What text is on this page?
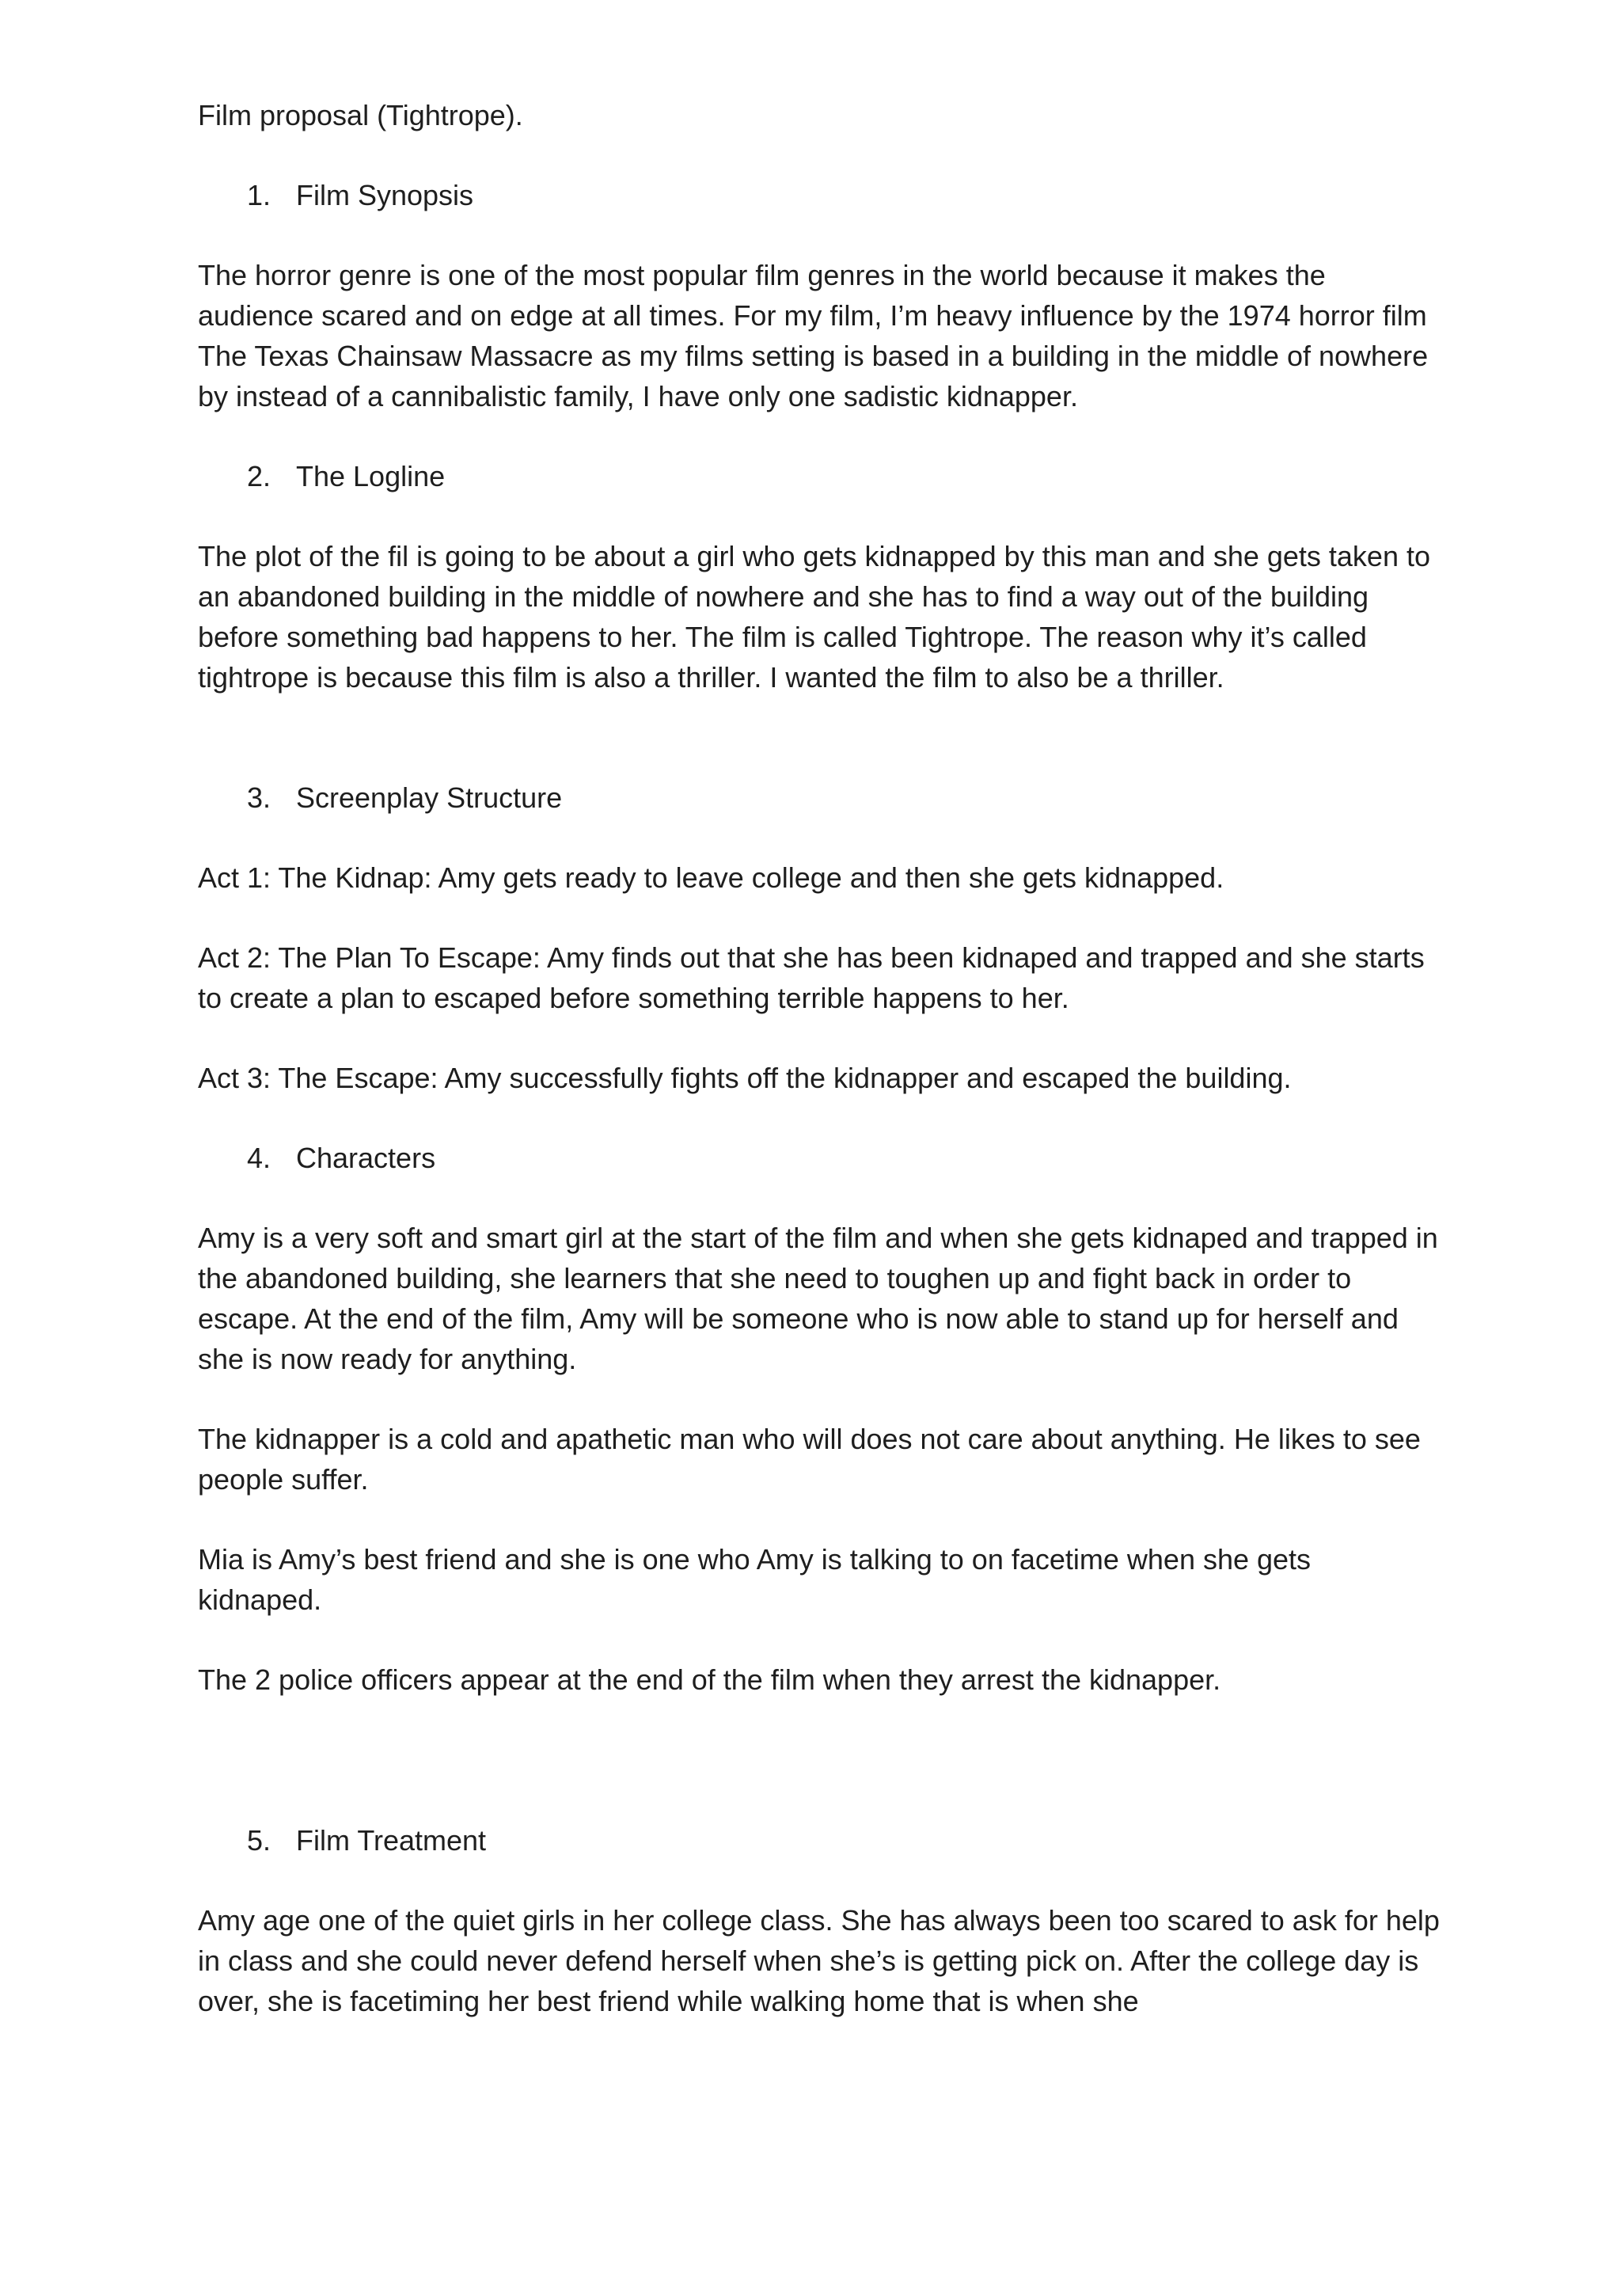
Film proposal (Tightrope).

1. Film Synopsis

The horror genre is one of the most popular film genres in the world because it makes the audience scared and on edge at all times. For my film, I’m heavy influence by the 1974 horror film The Texas Chainsaw Massacre as my films setting is based in a building in the middle of nowhere by instead of a cannibalistic family, I have only one sadistic kidnapper.

2. The Logline

The plot of the fil is going to be about a girl who gets kidnapped by this man and she gets taken to an abandoned building in the middle of nowhere and she has to find a way out of the building before something bad happens to her. The film is called Tightrope. The reason why it’s called tightrope is because this film is also a thriller. I wanted the film to also be a thriller.

3. Screenplay Structure

Act 1: The Kidnap: Amy gets ready to leave college and then she gets kidnapped.

Act 2: The Plan To Escape: Amy finds out that she has been kidnaped and trapped and she starts to create a plan to escaped before something terrible happens to her.

Act 3: The Escape: Amy successfully fights off the kidnapper and escaped the building.

4. Characters

Amy is a very soft and smart girl at the start of the film and when she gets kidnaped and trapped in the abandoned building, she learners that she need to toughen up and fight back in order to escape. At the end of the film, Amy will be someone who is now able to stand up for herself and she is now ready for anything.

The kidnapper is a cold and apathetic man who will does not care about anything. He likes to see people suffer.

Mia is Amy’s best friend and she is one who Amy is talking to on facetime when she gets kidnaped.

The 2 police officers appear at the end of the film when they arrest the kidnapper.

5. Film Treatment

Amy age one of the quiet girls in her college class. She has always been too scared to ask for help in class and she could never defend herself when she’s is getting pick on. After the college day is over, she is facetiming her best friend while walking home that is when she
